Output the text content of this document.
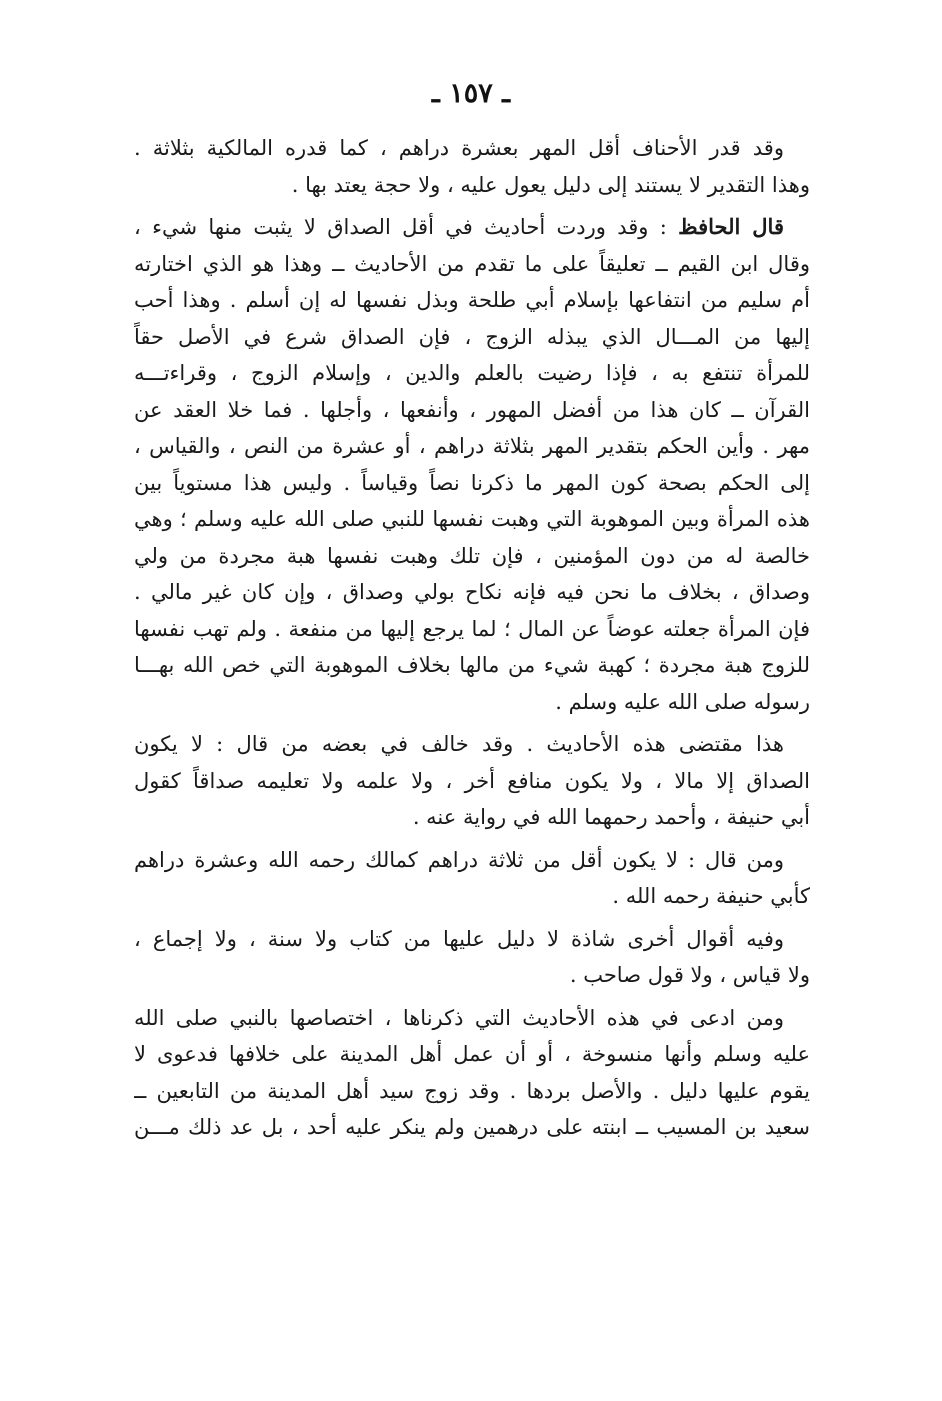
ـ ١٥٧ ـ
وقد قدر الأحناف أقل المهر بعشرة دراهم ، كما قدره المالكية بثلاثة .
وهذا التقدير لا يستند إلى دليل يعول عليه ، ولا حجة يعتد بها .
قال الحافظ : وقد وردت أحاديث في أقل الصداق لا يثبت منها شيء ،
وقال ابن القيم ــ تعليقاً على ما تقدم من الأحاديث ــ وهذا هو الذي اختارته
أم سليم من انتفاعها بإسلام أبي طلحة وبذل نفسها له إن أسلم . وهذا أحب
إليها من المـــال الذي يبذله الزوج ، فإن الصداق شرع في الأصل حقاً
للمرأة تنتفع به ، فإذا رضيت بالعلم والدين ، وإسلام الزوج ، وقراءتـــه
القرآن ــ كان هذا من أفضل المهور ، وأنفعها ، وأجلها . فما خلا العقد عن
مهر . وأين الحكم بتقدير المهر بثلاثة دراهم ، أو عشرة من النص ، والقياس ،
إلى الحكم بصحة كون المهر ما ذكرنا نصاً وقياساً . وليس هذا مستوياً بين
هذه المرأة وبين الموهوبة التي وهبت نفسها للنبي صلى الله عليه وسلم ؛ وهي
خالصة له من دون المؤمنين ، فإن تلك وهبت نفسها هبة مجردة من ولي
وصداق ، بخلاف ما نحن فيه فإنه نكاح بولي وصداق ، وإن كان غير مالي .
فإن المرأة جعلته عوضاً عن المال ؛ لما يرجع إليها من منفعة . ولم تهب نفسها
للزوج هبة مجردة ؛ كهبة شيء من مالها بخلاف الموهوبة التي خص الله بهـــا
رسوله صلى الله عليه وسلم .
هذا مقتضى هذه الأحاديث . وقد خالف في بعضه من قال : لا يكون
الصداق إلا مالا ، ولا يكون منافع أخر ، ولا علمه ولا تعليمه صداقاً كقول
أبي حنيفة ، وأحمد رحمهما الله في رواية عنه .
ومن قال : لا يكون أقل من ثلاثة دراهم كمالك رحمه الله وعشرة دراهم
كأبي حنيفة رحمه الله .
وفيه أقوال أخرى شاذة لا دليل عليها من كتاب ولا سنة ، ولا إجماع ،
ولا قياس ، ولا قول صاحب .
ومن ادعى في هذه الأحاديث التي ذكرناها ، اختصاصها بالنبي صلى الله
عليه وسلم وأنها منسوخة ، أو أن عمل أهل المدينة على خلافها فدعوى لا
يقوم عليها دليل . والأصل بردها . وقد زوج سيد أهل المدينة من التابعين ــ
سعيد بن المسيب ــ ابنته على درهمين ولم ينكر عليه أحد ، بل عد ذلك مـــن
